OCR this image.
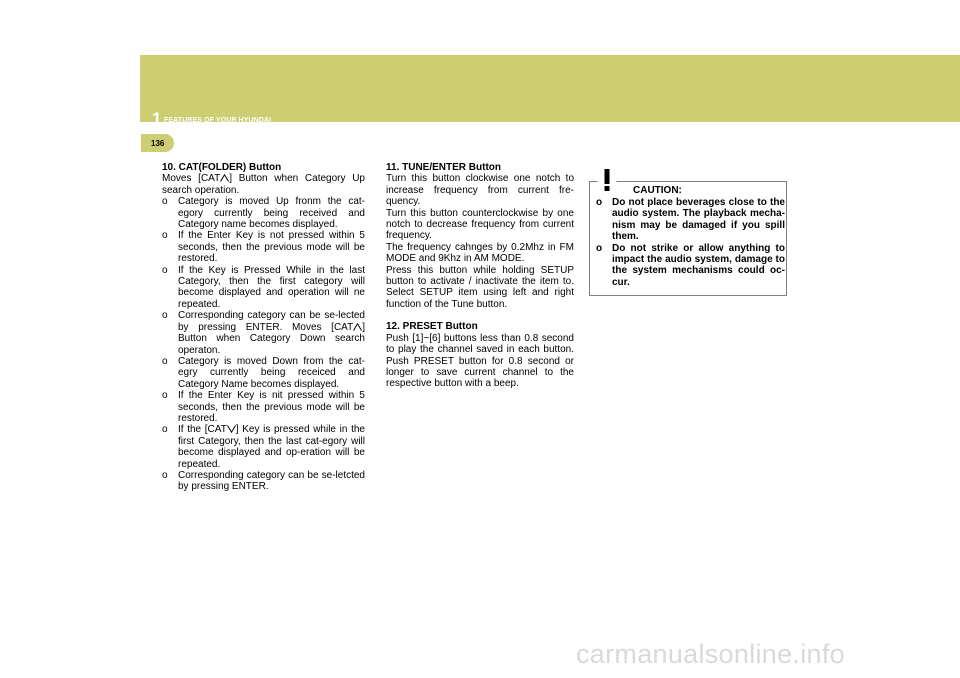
1 FEATURES OF YOUR HYUNDAI
136
10. CAT(FOLDER) Button

Moves [CAT ] Button when Category Up search operation.

o Category is moved Up fronm the cat-egory currently being received and Category name becomes displayed.

o If the Enter Key is not pressed within 5 seconds, then the previous mode will be restored.

o If the Key is Pressed While in the last Category, then the first category will become displayed and operation will ne repeated.

o Corresponding category can be se-lected by pressing ENTER. Moves [CAT ] Button when Category Down search operaton.

o Category is moved Down from the cat-egry currently being receiced and Category Name becomes displayed.

o If the Enter Key is nit pressed within 5 seconds, then the previous mode will be restored.

o If the [CAT ] Key is pressed while in the first Category, then the last cat-egory will become displayed and op-eration will be repeated.

o Corresponding category can be se-letcted by pressing ENTER.

11. TUNE/ENTER Button

Turn this button clockwise one notch to increase frequency from current fre-quency.

Turn this button counterclockwise by one notch to decrease frequency from current frequency.

The frequency cahnges by 0.2Mhz in FM MODE and 9Khz in AM MODE.

Press this button while holding SETUP button to activate / inactivate the item to. Select SETUP item using left and right function of the Tune button.

12. PRESET Button

Push [1]~[6] buttons less than 0.8 second to play the channel saved in each button. Push PRESET button for 0.8 second or longer to save current channel to the respective button with a beep.

CAUTION:

o Do not place beverages close to the audio system. The playback mecha-nism may be damaged if you spill them.

o Do not strike or allow anything to impact the audio system, damage to the system mechanisms could oc-cur.

carmanualsonline.info
